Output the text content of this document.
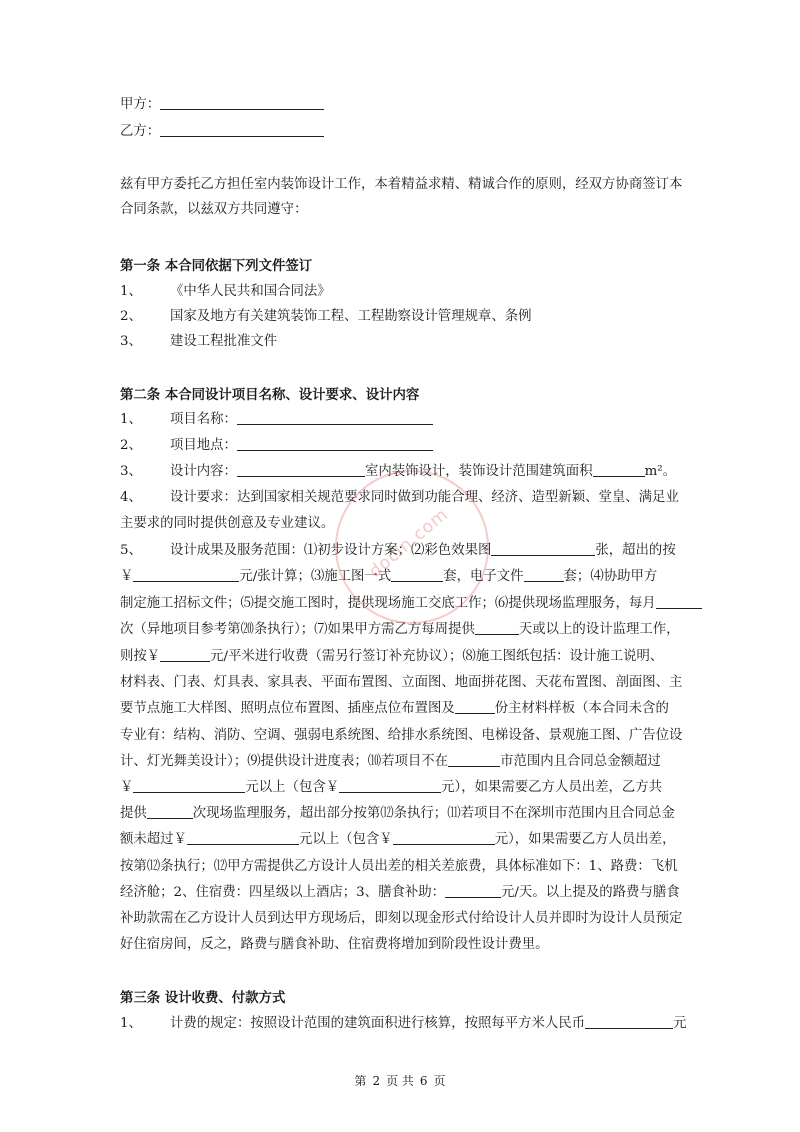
甲方：
乙方：
兹有甲方委托乙方担任室内装饰设计工作，本着精益求精、精诚合作的原则，经双方协商签订本
合同条款，以兹双方共同遵守：
第一条 本合同依据下列文件签订
1、 《中华人民共和国合同法》
2、 国家及地方有关建筑装饰工程、工程勘察设计管理规章、条例
3、 建设工程批准文件
第二条 本合同设计项目名称、设计要求、设计内容
1、 项目名称：
2、 项目地点：
3、 设计内容：	室内装饰设计，装饰设计范围建筑面积	m²。
4、 设计要求：达到国家相关规范要求同时做到功能合理、经济、造型新颖、堂皇、满足业
主要求的同时提供创意及专业建议。
5、 设计成果及服务范围：⑴初步设计方案；⑵彩色效果图	张，超出的按
￥	元/张计算；⑶施工图一式	套，电子文件	套；⑷协助甲方
制定施工招标文件；⑸提交施工图时，提供现场施工交底工作；⑹提供现场监理服务，每月
次（异地项目参考第⒇条执行）；⑺如果甲方需乙方每周提供	天或以上的设计监理工作，
则按￥	元/平米进行收费（需另行签订补充协议）；⑻施工图纸包括：设计施工说明、
材料表、门表、灯具表、家具表、平面布置图、立面图、地面拼花图、天花布置图、剖面图、主
要节点施工大样图、照明点位布置图、插座点位布置图及	份主材料样板（本合同未含的
专业有：结构、消防、空调、强弱电系统图、给排水系统图、电梯设备、景观施工图、广告位设
计、灯光舞美设计）；⑼提供设计进度表；⑽若项目不在	市范围内且合同总金额超过
￥	元以上（包含￥	元），如果需要乙方人员出差，乙方共
提供	次现场监理服务，超出部分按第⑿条执行；⑾若项目不在深圳市范围内且合同总金
额未超过￥	元以上（包含￥	元），如果需要乙方人员出差，
按第⑿条执行；⑿甲方需提供乙方设计人员出差的相关差旅费，具体标准如下：1、路费：飞机
经济舱；2、住宿费：四星级以上酒店；3、膳食补助：	元/天。以上提及的路费与膳食
补助款需在乙方设计人员到达甲方现场后，即刻以现金形式付给设计人员并即时为设计人员预定
好住宿房间，反之，路费与膳食补助、住宿费将增加到阶段性设计费里。
第三条 设计收费、付款方式
1、 计费的规定：按照设计范围的建筑面积进行核算，按照每平方米人民币	元
docin.com
第 2 页 共 6 页
